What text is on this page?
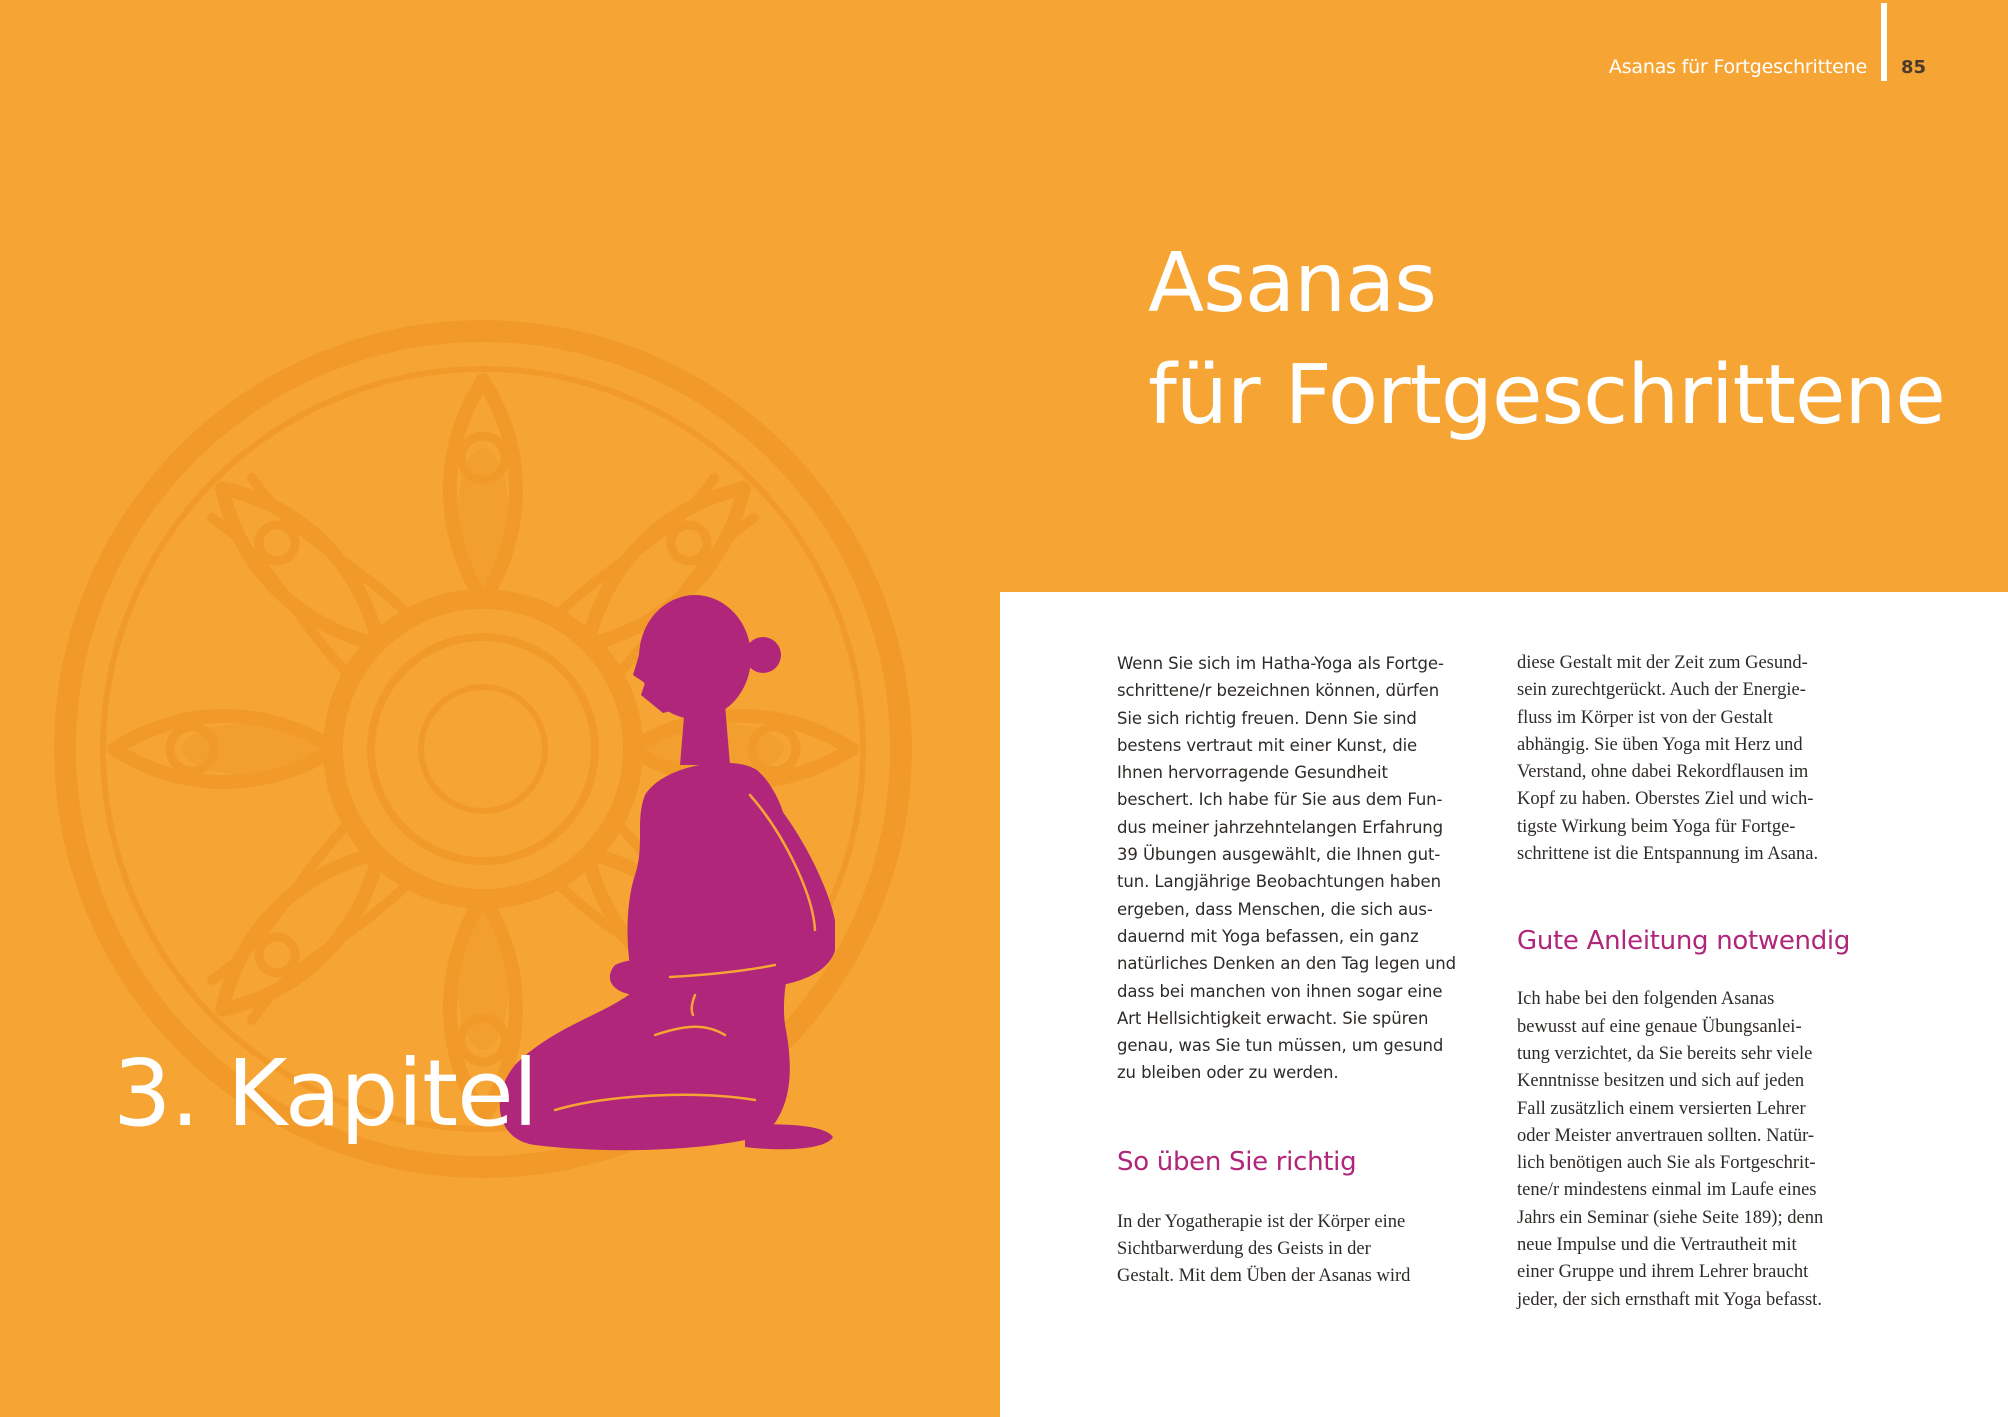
Asanas für Fortgeschrittene 85
Asanas
für Fortgeschrittene
3. Kapitel

Wenn Sie sich im Hatha-Yoga als Fortge-
schrittene/r bezeichnen können, dürfen
Sie sich richtig freuen. Denn Sie sind
bestens vertraut mit einer Kunst, die
Ihnen hervorragende Gesundheit
beschert. Ich habe für Sie aus dem Fun-
dus meiner jahrzehntelangen Erfahrung
39 Übungen ausgewählt, die Ihnen gut-
tun. Langjährige Beobachtungen haben
ergeben, dass Menschen, die sich aus-
dauernd mit Yoga befassen, ein ganz
natürliches Denken an den Tag legen und
dass bei manchen von ihnen sogar eine
Art Hellsichtigkeit erwacht. Sie spüren
genau, was Sie tun müssen, um gesund
zu bleiben oder zu werden.

So üben Sie richtig

In der Yogatherapie ist der Körper eine
Sichtbarwerdung des Geists in der
Gestalt. Mit dem Üben der Asanas wird

diese Gestalt mit der Zeit zum Gesund-
sein zurechtgerückt. Auch der Energie-
fluss im Körper ist von der Gestalt
abhängig. Sie üben Yoga mit Herz und
Verstand, ohne dabei Rekordflausen im
Kopf zu haben. Oberstes Ziel und wich-
tigste Wirkung beim Yoga für Fortge-
schrittene ist die Entspannung im Asana.

Gute Anleitung notwendig

Ich habe bei den folgenden Asanas
bewusst auf eine genaue Übungsanlei-
tung verzichtet, da Sie bereits sehr viele
Kenntnisse besitzen und sich auf jeden
Fall zusätzlich einem versierten Lehrer
oder Meister anvertrauen sollten. Natür-
lich benötigen auch Sie als Fortgeschrit-
tene/r mindestens einmal im Laufe eines
Jahrs ein Seminar (siehe Seite 189); denn
neue Impulse und die Vertrautheit mit
einer Gruppe und ihrem Lehrer braucht
jeder, der sich ernsthaft mit Yoga befasst.
